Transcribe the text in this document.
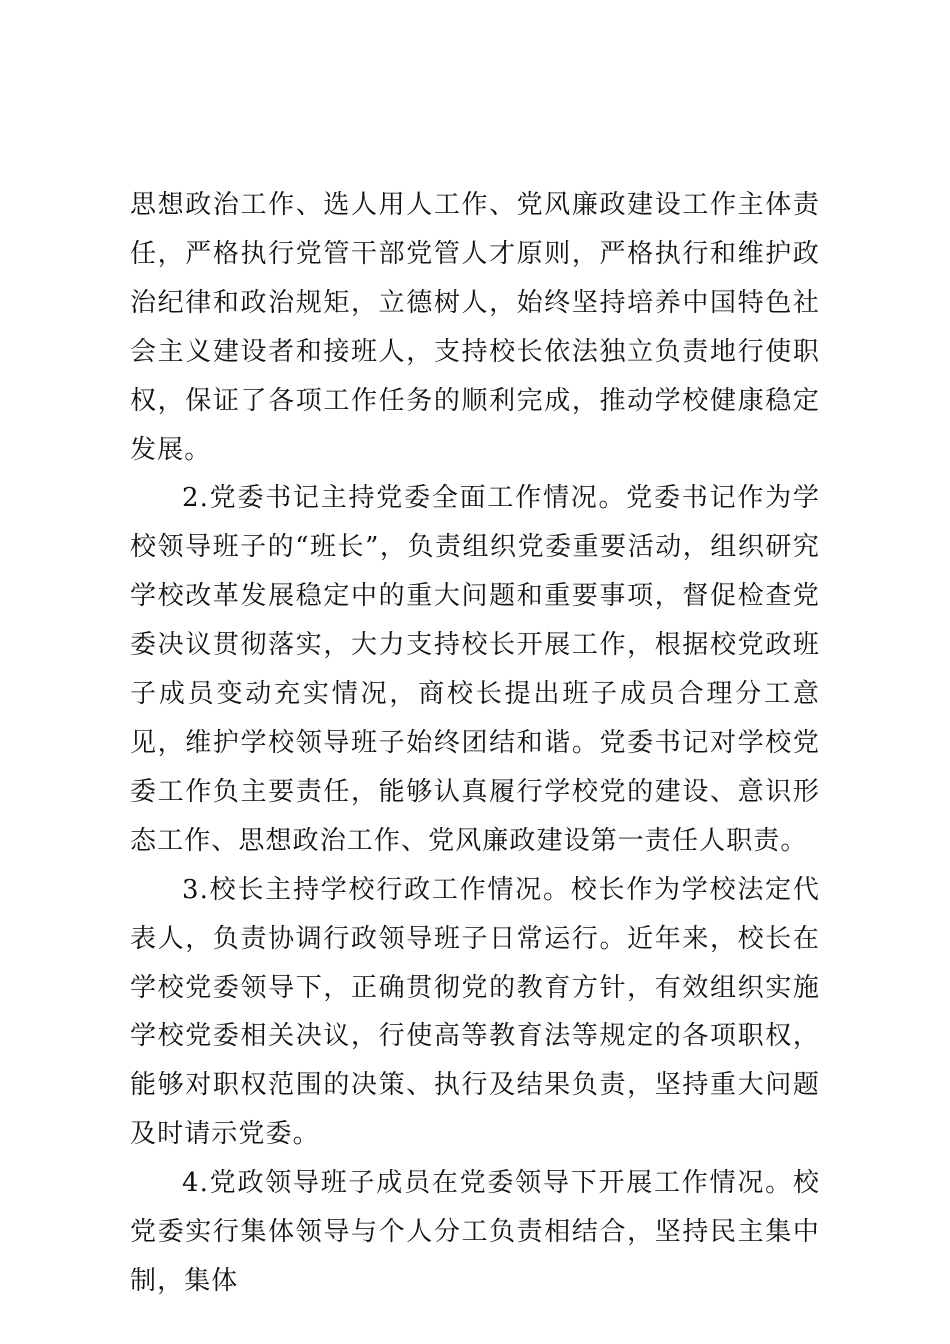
思想政治工作、选人用人工作、党风廉政建设工作主体责任，严格执行党管干部党管人才原则，严格执行和维护政治纪律和政治规矩，立德树人，始终坚持培养中国特色社会主义建设者和接班人，支持校长依法独立负责地行使职权，保证了各项工作任务的顺利完成，推动学校健康稳定发展。

2.党委书记主持党委全面工作情况。党委书记作为学校领导班子的“班长”，负责组织党委重要活动，组织研究学校改革发展稳定中的重大问题和重要事项，督促检查党委决议贯彻落实，大力支持校长开展工作，根据校党政班子成员变动充实情况，商校长提出班子成员合理分工意见，维护学校领导班子始终团结和谐。党委书记对学校党委工作负主要责任，能够认真履行学校党的建设、意识形态工作、思想政治工作、党风廉政建设第一责任人职责。

3.校长主持学校行政工作情况。校长作为学校法定代表人，负责协调行政领导班子日常运行。近年来，校长在学校党委领导下，正确贯彻党的教育方针，有效组织实施学校党委相关决议，行使高等教育法等规定的各项职权，能够对职权范围的决策、执行及结果负责，坚持重大问题及时请示党委。

4.党政领导班子成员在党委领导下开展工作情况。校党委实行集体领导与个人分工负责相结合，坚持民主集中制，集体
